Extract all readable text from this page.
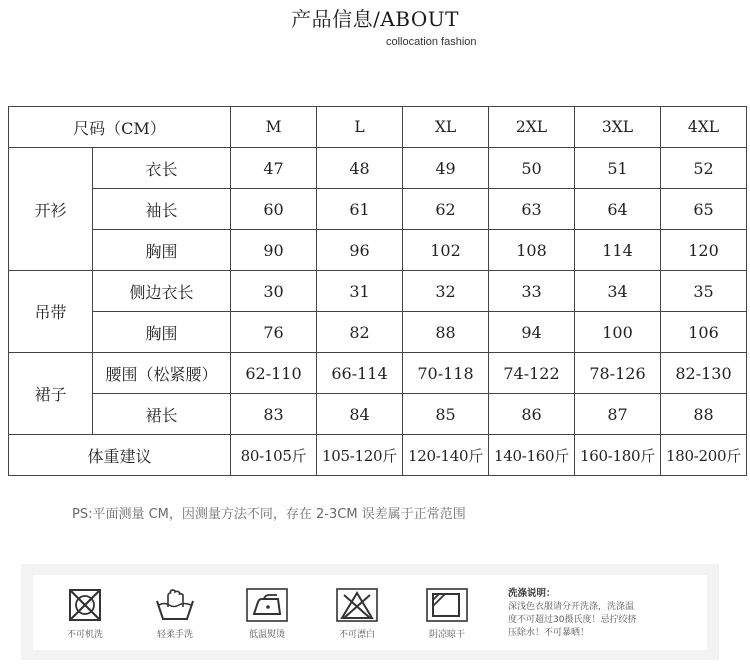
产品信息/ABOUT
collocation fashion
尺码（CM）		M	L	XL	2XL	3XL	4XL
开衫	衣长	47	48	49	50	51	52
	袖长	60	61	62	63	64	65
	胸围	90	96	102	108	114	120
吊带	侧边衣长	30	31	32	33	34	35
	胸围	76	82	88	94	100	106
裙子	腰围（松紧腰）	62-110	66-114	70-118	74-122	78-126	82-130
	裙长	83	84	85	86	87	88
体重建议		80-105斤	105-120斤	120-140斤	140-160斤	160-180斤	180-200斤
PS:平面测量 CM，因测量方法不同，存在 2-3CM 误差属于正常范围
不可机洗	轻柔手洗	低温熨烫	不可漂白	阴凉晾干
洗涤说明：
深浅色衣服请分开洗涤，洗涤温
度不可超过30摄氏度！忌拧绞挤
压除水！不可暴晒！
